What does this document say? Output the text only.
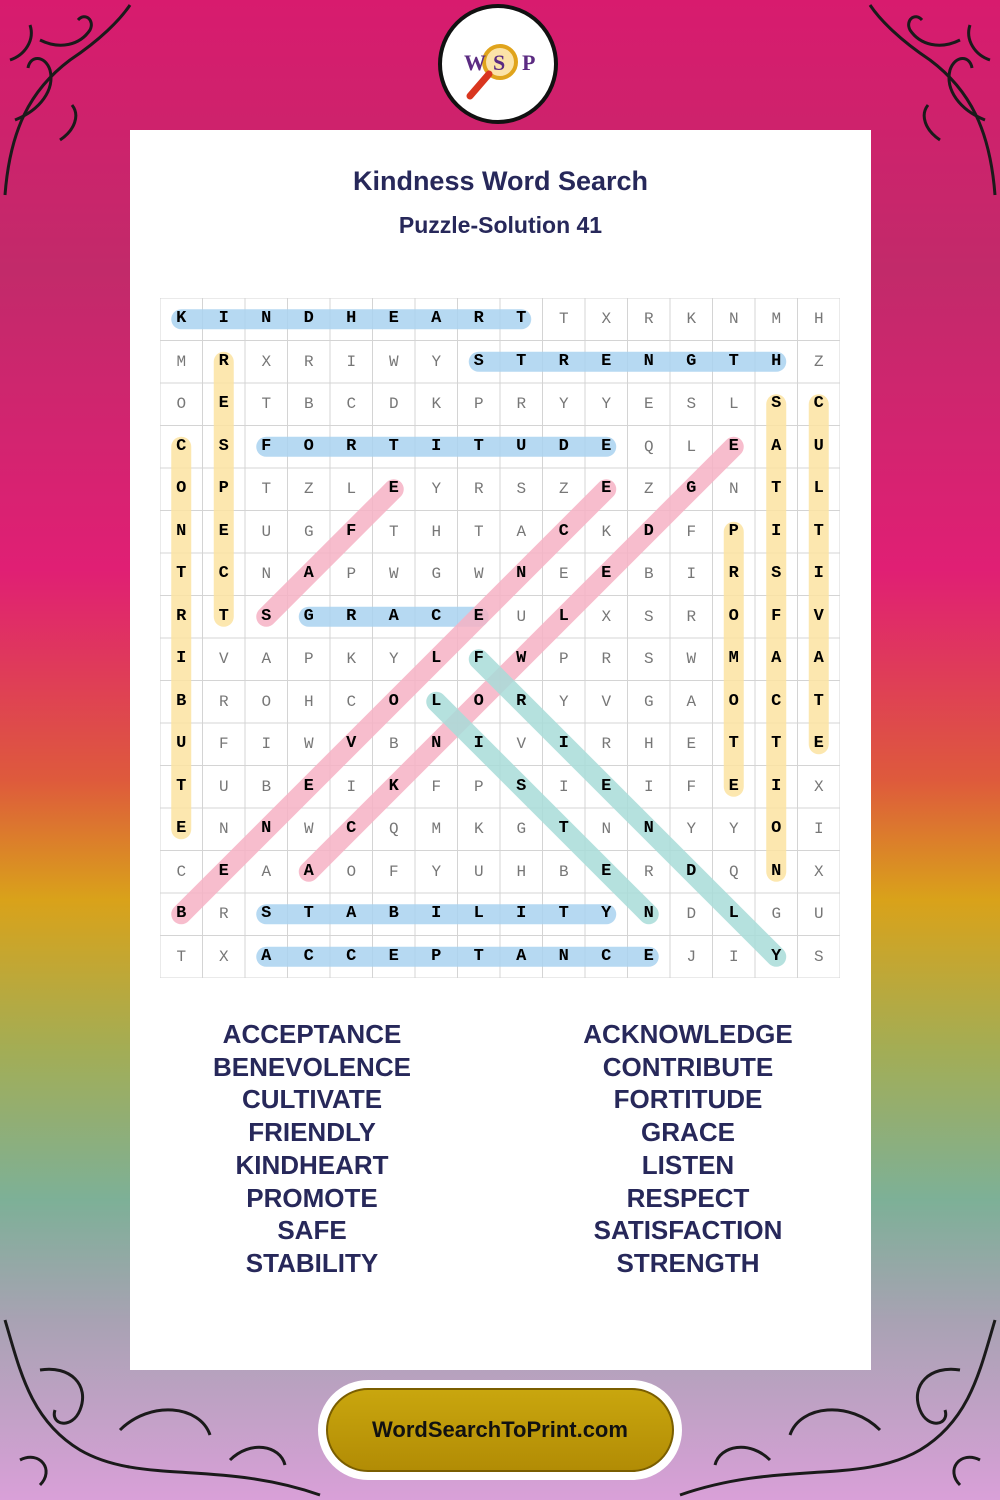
W S P
Kindness Word Search
Puzzle-Solution 41
K	I	N	D	H	E	A	R	T	T	X	R	K	N	M	H
M	R	X	R	I	W	Y	S	T	R	E	N	G	T	H	Z
O	E	T	B	C	D	K	P	R	Y	Y	E	S	L	S	C
C	S	F	O	R	T	I	T	U	D	E	Q	L	E	A	U
O	P	T	Z	L	E	Y	R	S	Z	E	Z	G	N	T	L
N	E	U	G	F	T	H	T	A	C	K	D	F	P	I	T
T	C	N	A	P	W	G	W	N	E	E	B	I	R	S	I
R	T	S	G	R	A	C	E	U	L	X	S	R	O	F	V
I	V	A	P	K	Y	L	F	W	P	R	S	W	M	A	A
B	R	O	H	C	O	L	O	R	Y	V	G	A	O	C	T
U	F	I	W	V	B	N	I	V	I	R	H	E	T	T	E
T	U	B	E	I	K	F	P	S	I	E	I	F	E	I	X
E	N	N	W	C	Q	M	K	G	T	N	N	Y	Y	O	I
C	E	A	A	O	F	Y	U	H	B	E	R	D	Q	N	X
B	R	S	T	A	B	I	L	I	T	Y	N	D	L	G	U
T	X	A	C	C	E	P	T	A	N	C	E	J	I	Y	S
ACCEPTANCE
BENEVOLENCE
CULTIVATE
FRIENDLY
KINDHEART
PROMOTE
SAFE
STABILITY
ACKNOWLEDGE
CONTRIBUTE
FORTITUDE
GRACE
LISTEN
RESPECT
SATISFACTION
STRENGTH
WordSearchToPrint.com
